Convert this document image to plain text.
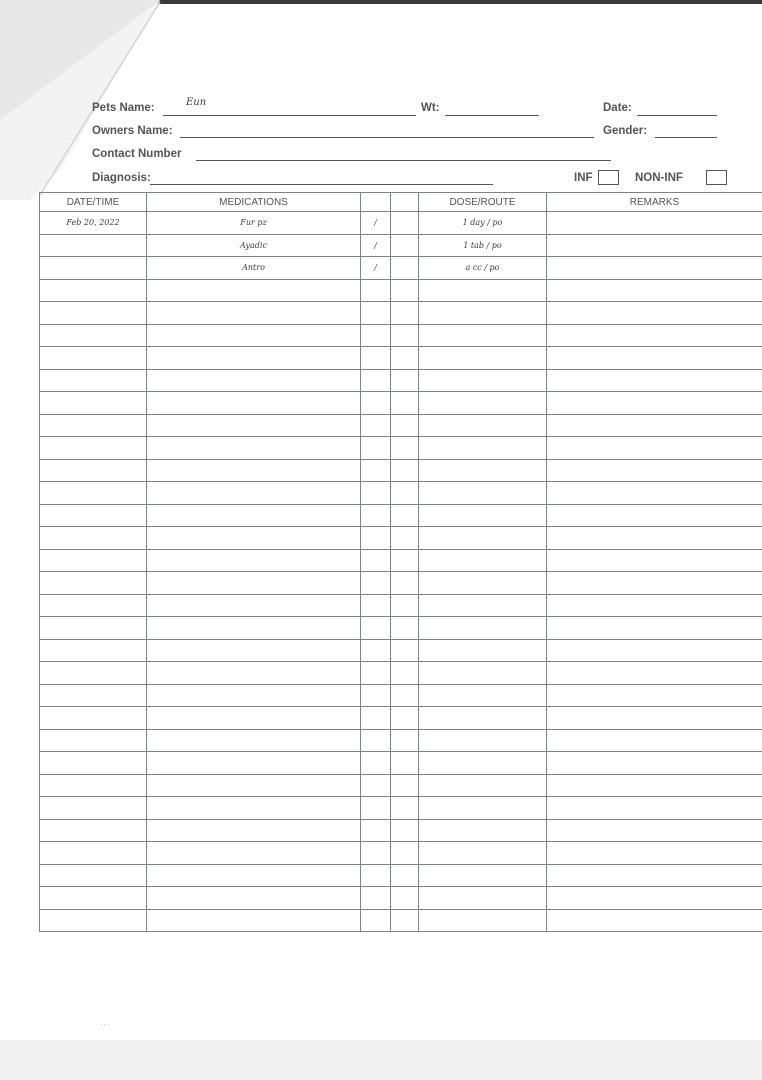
Pets Name:	Eun	Wt:	Date:
Owners Name:	Gender:
Contact Number
Diagnosis:	INF	NON-INF
DATE/TIME	MEDICATIONS			DOSE/ROUTE	REMARKS
Feb 20, 2022	Fur pz	/		1 day / po	
	Ayadic	/		1 tab / po	
	Antro	/		a cc / po	

. , .
